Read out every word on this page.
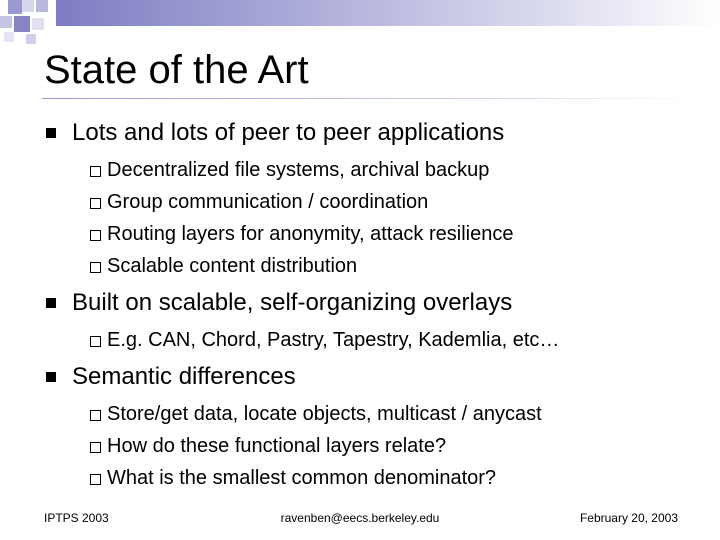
State of the Art
Lots and lots of peer to peer applications
Decentralized file systems, archival backup
Group communication / coordination
Routing layers for anonymity, attack resilience
Scalable content distribution
Built on scalable, self-organizing overlays
E.g. CAN, Chord, Pastry, Tapestry, Kademlia, etc…
Semantic differences
Store/get data, locate objects, multicast / anycast
How do these functional layers relate?
What is the smallest common denominator?
IPTPS 2003	ravenben@eecs.berkeley.edu	February 20, 2003
